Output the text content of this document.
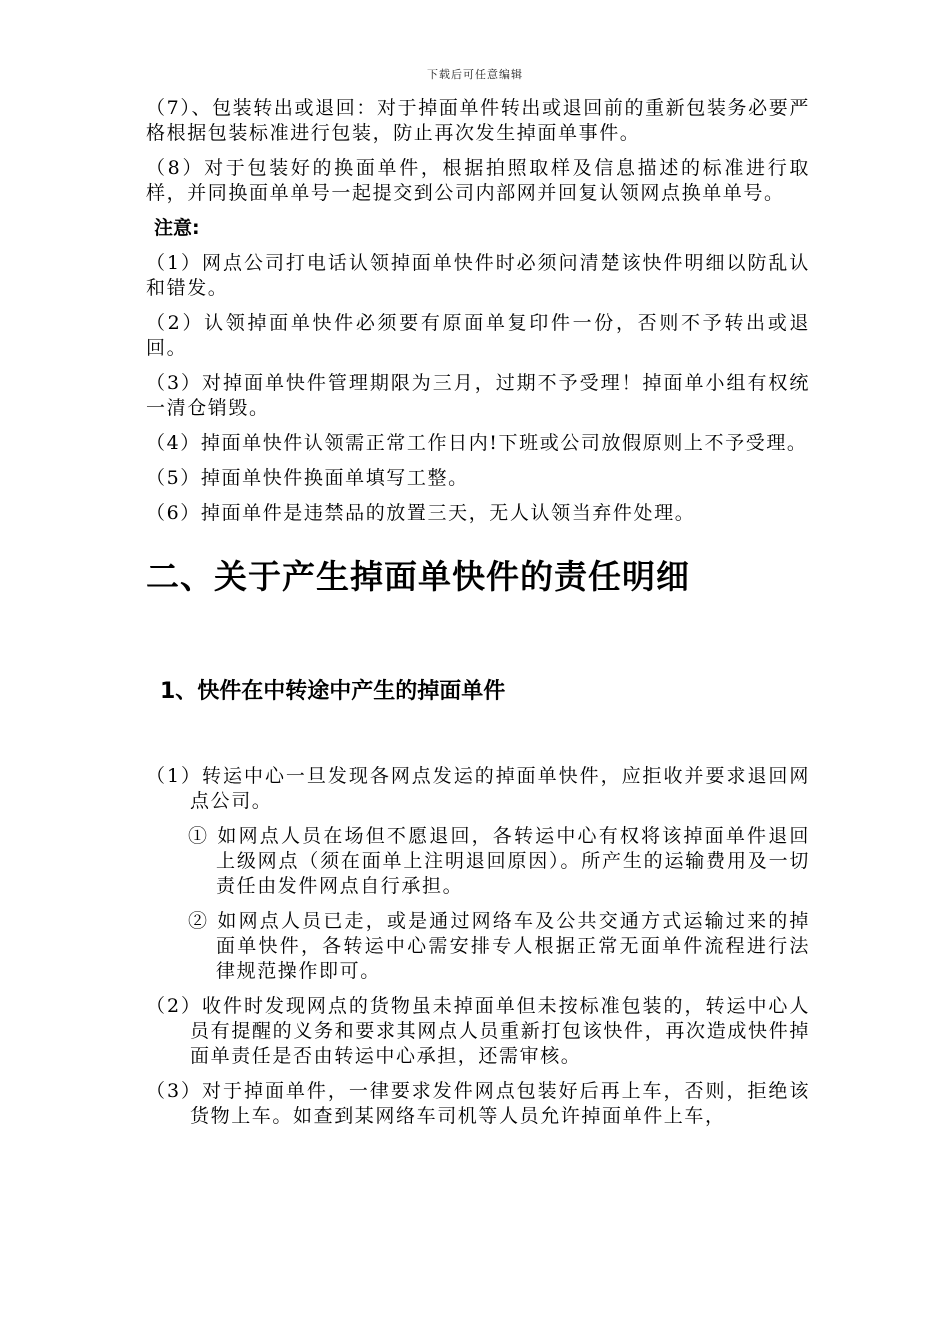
下载后可任意编辑

（7）、包装转出或退回：对于掉面单件转出或退回前的重新包装务必要严格根据包装标准进行包装，防止再次发生掉面单事件。

（8）对于包装好的换面单件，根据拍照取样及信息描述的标准进行取样，并同换面单单号一起提交到公司内部网并回复认领网点换单单号。

注意:

（1）网点公司打电话认领掉面单快件时必须问清楚该快件明细以防乱认和错发。

（2）认领掉面单快件必须要有原面单复印件一份，否则不予转出或退回。

（3）对掉面单快件管理期限为三月，过期不予受理！掉面单小组有权统一清仓销毁。

（4）掉面单快件认领需正常工作日内!下班或公司放假原则上不予受理。

（5）掉面单快件换面单填写工整。

（6）掉面单件是违禁品的放置三天，无人认领当弃件处理。

二、关于产生掉面单快件的责任明细
1、快件在中转途中产生的掉面单件

（1）转运中心一旦发现各网点发运的掉面单快件，应拒收并要求退回网点公司。

① 如网点人员在场但不愿退回，各转运中心有权将该掉面单件退回上级网点（须在面单上注明退回原因）。所产生的运输费用及一切责任由发件网点自行承担。

② 如网点人员已走，或是通过网络车及公共交通方式运输过来的掉面单快件，各转运中心需安排专人根据正常无面单件流程进行法律规范操作即可。

（2）收件时发现网点的货物虽未掉面单但未按标准包装的，转运中心人员有提醒的义务和要求其网点人员重新打包该快件，再次造成快件掉面单责任是否由转运中心承担，还需审核。

（3）对于掉面单件，一律要求发件网点包装好后再上车，否则，拒绝该货物上车。如查到某网络车司机等人员允许掉面单件上车，
